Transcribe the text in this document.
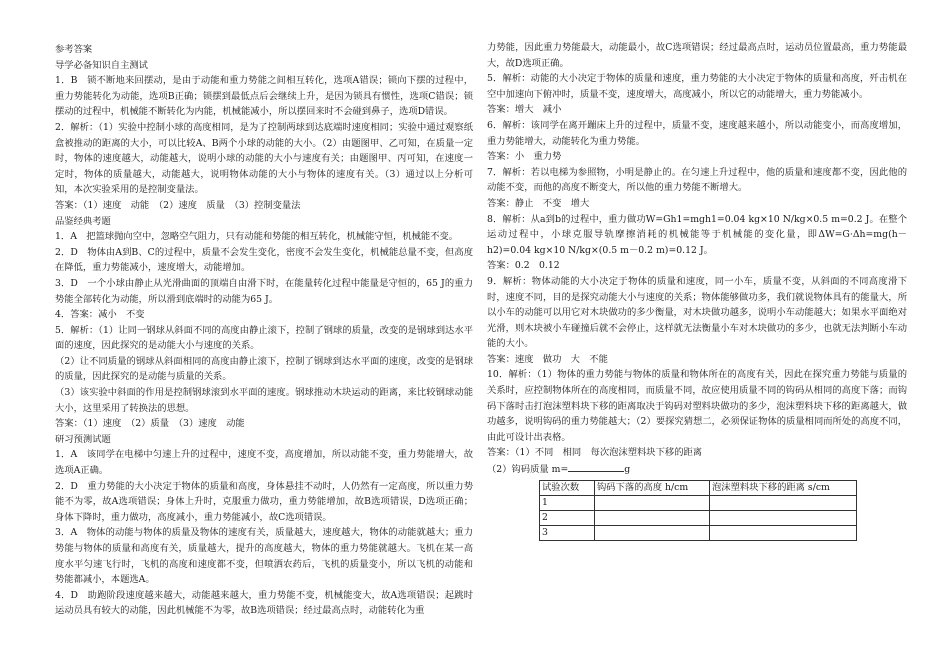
参考答案

导学必备知识自主测试

1．B　锁不断地来回摆动，是由于动能和重力势能之间相互转化，选项A错误；锁向下摆的过程中，重力势能转化为动能，选项B正确；锁摆到最低点后会继续上升，是因为锁具有惯性，选项C错误；锁摆动的过程中，机械能不断转化为内能，机械能减小，所以摆回来时不会碰到鼻子，选项D错误。

2．解析：（1）实验中控制小球的高度相同，是为了控制两球到达底端时速度相同；实验中通过观察纸盒被推动的距离的大小，可以比较A、B两个小球的动能的大小。（2）由题图甲、乙可知，在质量一定时，物体的速度越大，动能越大，说明小球的动能的大小与速度有关；由题图甲、丙可知，在速度一定时，物体的质量越大，动能越大，说明物体动能的大小与物体的速度有关。（3）通过以上分析可知，本次实验采用的是控制变量法。

答案：（1）速度　动能　（2）速度　质量　（3）控制变量法

品鉴经典考题

1．A　把篮球抛向空中，忽略空气阻力，只有动能和势能的相互转化，机械能守恒，机械能不变。

2．D　物体由A到B、C的过程中，质量不会发生变化，密度不会发生变化，机械能总量不变，但高度在降低，重力势能减小，速度增大，动能增加。

3．D　一个小球由静止从光滑曲面的顶端自由滑下时，在能量转化过程中能量是守恒的，65 J的重力势能全部转化为动能，所以滑到底端时的动能为65 J。

4．答案：减小　不变

5．解析：（1）让同一钢球从斜面不同的高度由静止滚下，控制了钢球的质量，改变的是钢球到达水平面的速度，因此探究的是动能大小与速度的关系。

（2）让不同质量的钢球从斜面相同的高度由静止滚下，控制了钢球到达水平面的速度，改变的是钢球的质量，因此探究的是动能与质量的关系。

（3）该实验中斜面的作用是控制钢球滚到水平面的速度。钢球推动木块运动的距离，来比较钢球动能大小，这里采用了转换法的思想。

答案：（1）速度　（2）质量　（3）速度　动能

研习预测试题

1．A　该同学在电梯中匀速上升的过程中，速度不变，高度增加，所以动能不变，重力势能增大，故选项A正确。

2．D　重力势能的大小决定于物体的质量和高度，身体悬挂不动时，人仍然有一定高度，所以重力势能不为零，故A选项错误；身体上升时，克服重力做功，重力势能增加，故B选项错误，D选项正确；身体下降时，重力做功，高度减小，重力势能减小，故C选项错误。

3．A　物体的动能与物体的质量及物体的速度有关，质量越大，速度越大，物体的动能就越大；重力势能与物体的质量和高度有关，质量越大，提升的高度越大，物体的重力势能就越大。飞机在某一高度水平匀速飞行时，飞机的高度和速度都不变，但喷洒农药后，飞机的质量变小，所以飞机的动能和势能都减小，本题选A。

4．D　助跑阶段速度越来越大，动能越来越大，重力势能不变，机械能变大，故A选项错误；起跳时运动员具有较大的动能，因此机械能不为零，故B选项错误；经过最高点时，动能转化为重

力势能，因此重力势能最大，动能最小，故C选项错误；经过最高点时，运动员位置最高，重力势能最大，故D选项正确。

5．解析：动能的大小决定于物体的质量和速度，重力势能的大小决定于物体的质量和高度，歼击机在空中加速向下俯冲时，质量不变，速度增大，高度减小，所以它的动能增大，重力势能减小。

答案：增大　减小

6．解析：该同学在离开蹦床上升的过程中，质量不变，速度越来越小，所以动能变小，而高度增加，重力势能增大，动能转化为重力势能。

答案：小　重力势

7．解析：若以电梯为参照物，小明是静止的。在匀速上升过程中，他的质量和速度都不变，因此他的动能不变，而他的高度不断变大，所以他的重力势能不断增大。

答案：静止　不变　增大

8．解析：从a到b的过程中，重力做功W=Gh1=mgh1=0.04 kg×10 N/kg×0.5 m=0.2 J。在整个运动过程中，小球克服导轨摩擦消耗的机械能等于机械能的变化量，即ΔW=G·Δh=mg(h－h2)=0.04 kg×10 N/kg×(0.5 m－0.2 m)=0.12 J。

答案：0.2　0.12

9．解析：物体动能的大小决定于物体的质量和速度，同一小车，质量不变，从斜面的不同高度滑下时，速度不同，目的是探究动能大小与速度的关系；物体能够做功多，我们就说物体具有的能量大，所以小车的动能可以用它对木块做功的多少衡量，对木块做功越多，说明小车动能越大；如果水平面绝对光滑，则木块被小车碰撞后就不会停止，这样就无法衡量小车对木块做功的多少，也就无法判断小车动能的大小。

答案：速度　做功　大　不能

10．解析：（1）物体的重力势能与物体的质量和物体所在的高度有关，因此在探究重力势能与质量的关系时，应控制物体所在的高度相同，而质量不同，故应使用质量不同的钩码从相同的高度下落；而钩码下落时击打泡沫塑料块下移的距离取决于钩码对塑料块做功的多少，泡沫塑料块下移的距离越大，做功越多，说明钩码的重力势能越大；（2）要探究猜想二，必须保证物体的质量相同而所处的高度不同，由此可设计出表格。

答案：（1）不同　相同　每次泡沫塑料块下移的距离

（2）钩码质量 m=	g

试验次数	钩码下落的高度 h/cm	泡沫塑料块下移的距离 s/cm
1		
2		
3		
